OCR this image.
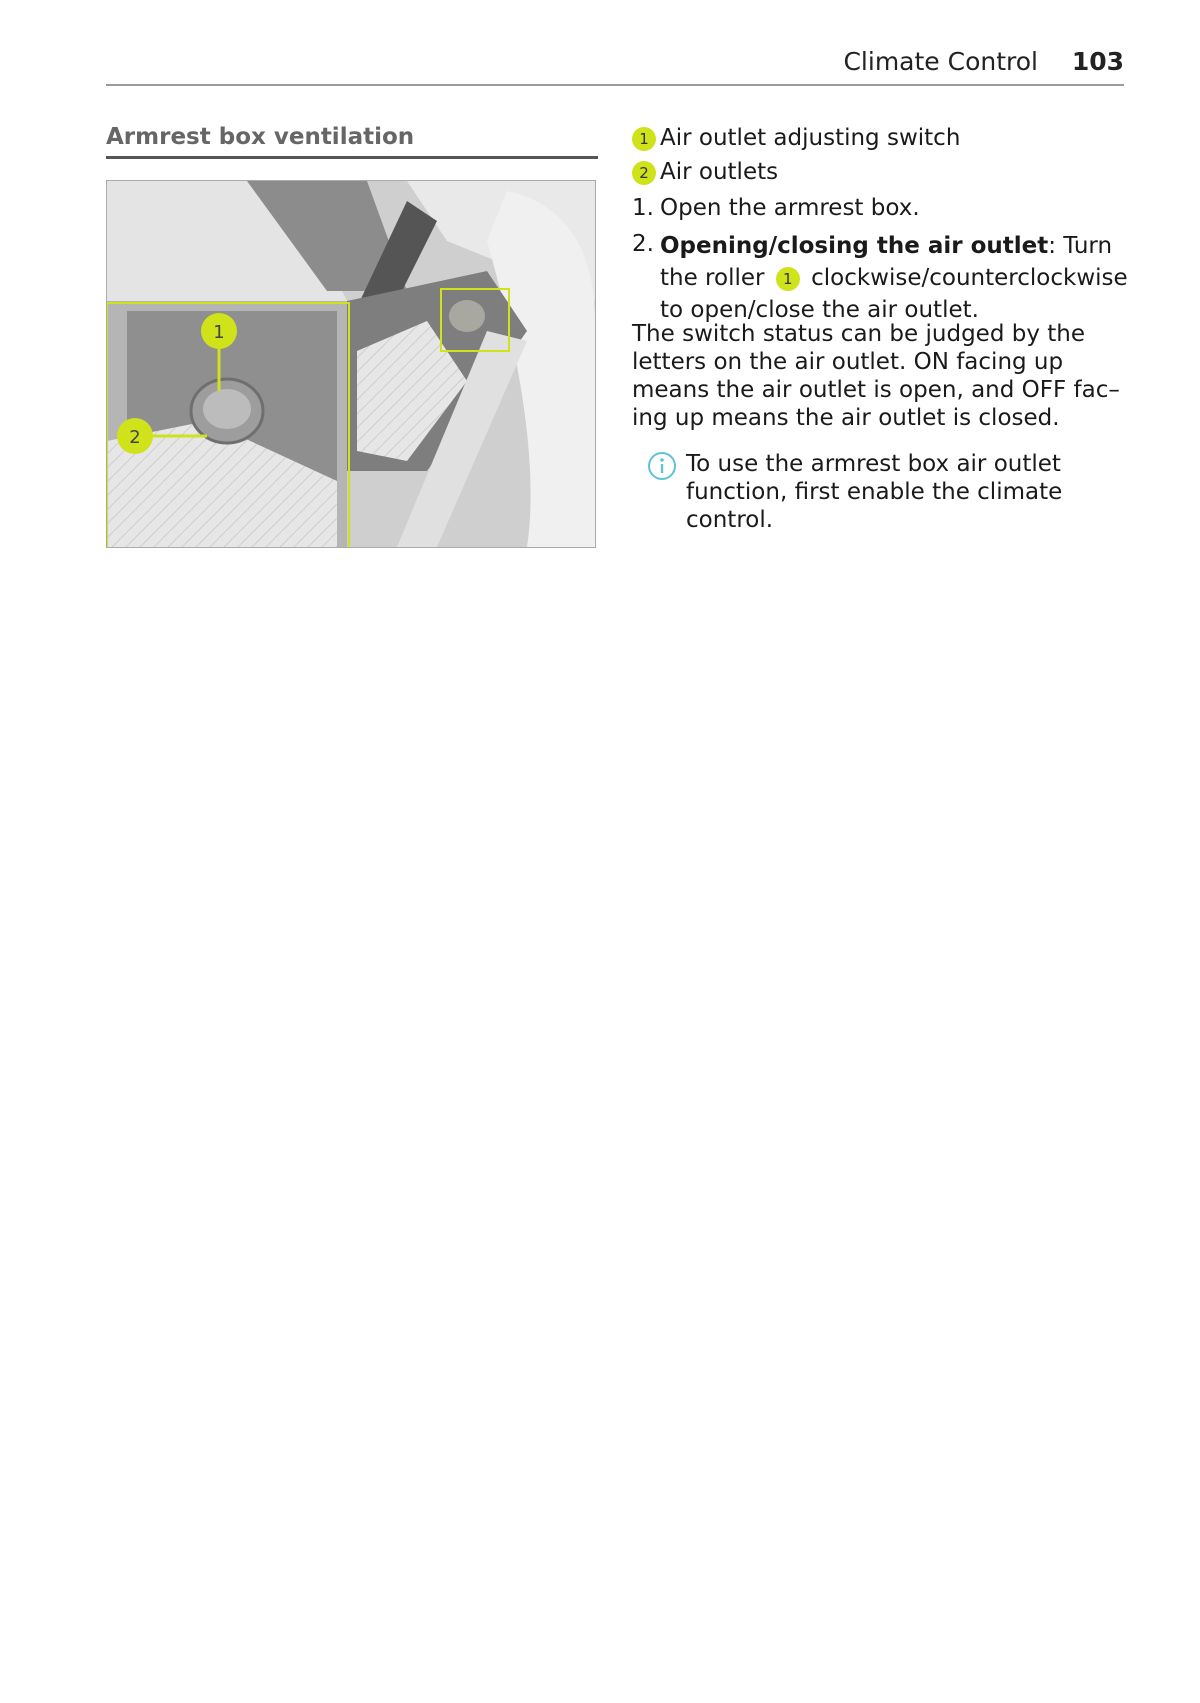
Climate Control 103
Armrest box ventilation
1
2
1 Air outlet adjusting switch
2 Air outlets
1. Open the armrest box.
2. Opening/closing the air outlet: Turn the roller 1 clockwise/counterclockwise to open/close the air outlet.
The switch status can be judged by the letters on the air outlet. ON facing up means the air outlet is open, and OFF fac– ing up means the air outlet is closed.
To use the armrest box air outlet function, first enable the climate control.
